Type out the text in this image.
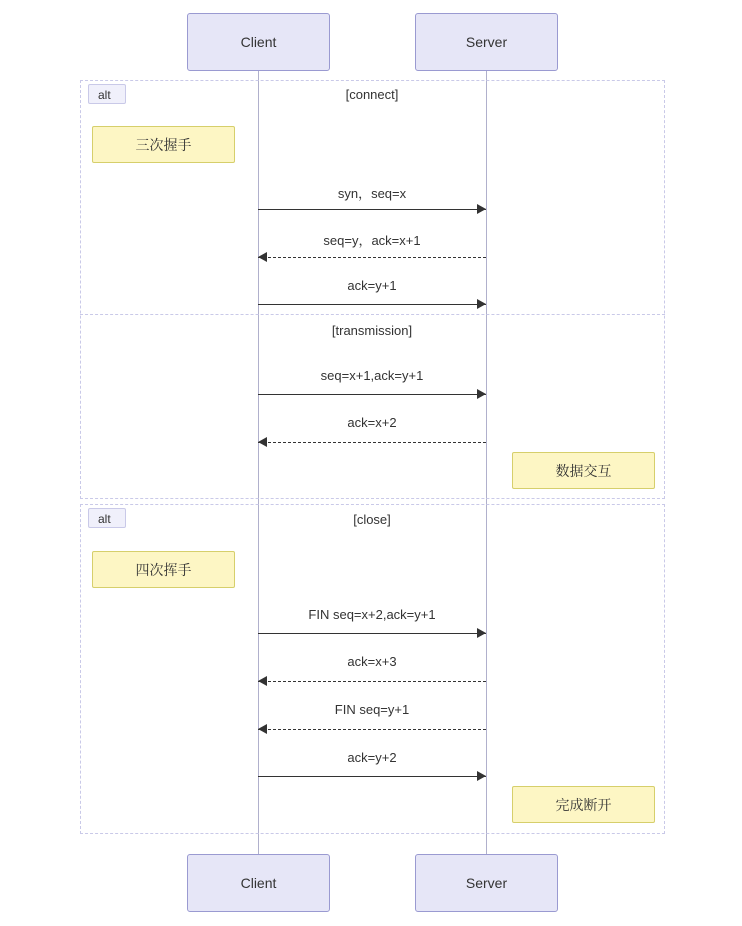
Client	Server
alt	[connect]
[transmission]
三次握手
syn，seq=x
seq=y，ack=x+1
ack=y+1
seq=x+1,ack=y+1
ack=x+2
数据交互
alt	[close]
四次挥手
FIN seq=x+2,ack=y+1
ack=x+3
FIN seq=y+1
ack=y+2
完成断开
Client	Server
